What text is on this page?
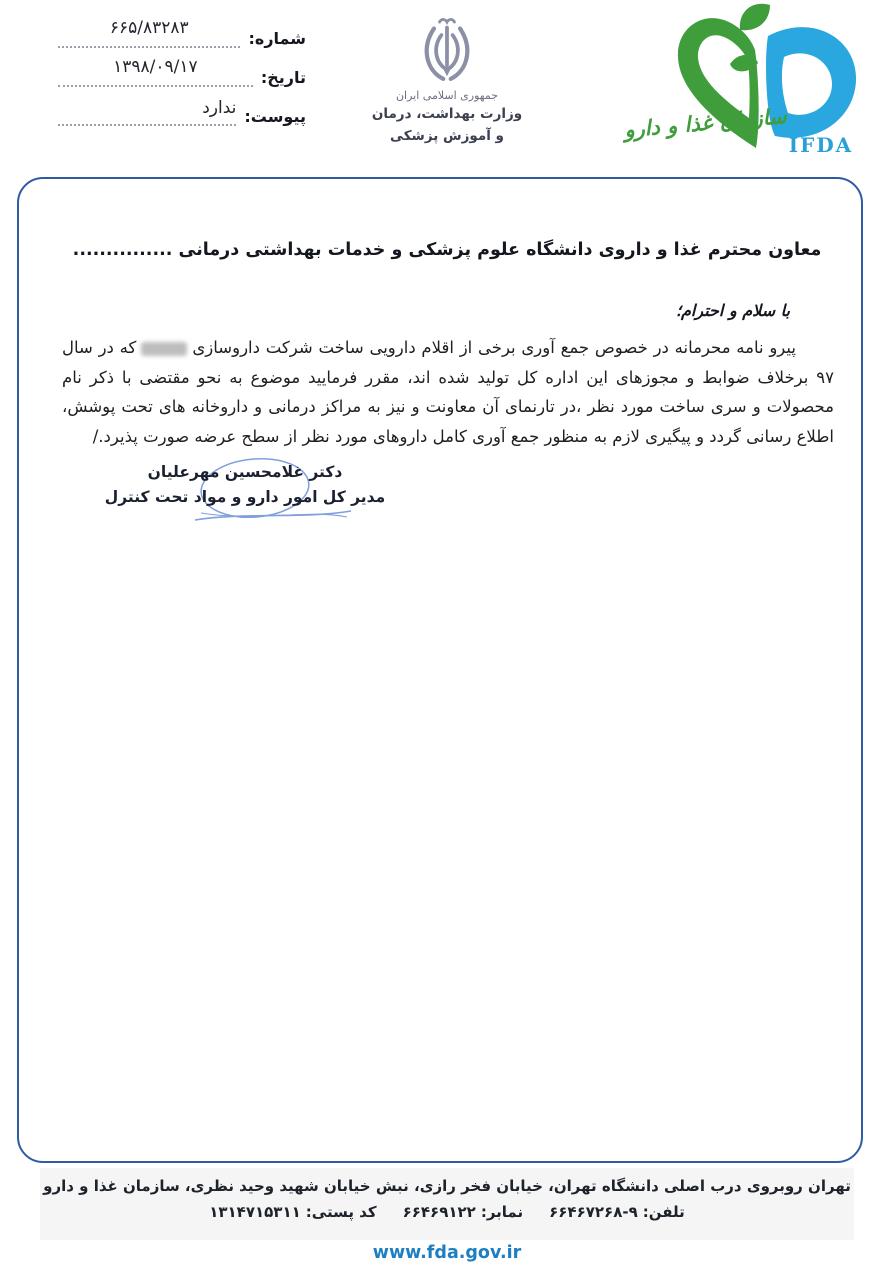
شماره:
۶۶۵/۸۳۲۸۳
تاریخ:
۱۳۹۸/۰۹/۱۷
پیوست:
ندارد
جمهوری اسلامی ایران
وزارت بهداشت، درمان
و آموزش پزشکی	سازمان غذا و دارو
IFDA
معاون محترم غذا و داروی دانشگاه علوم پزشکی و خدمات بهداشتی درمانی ...............
با سلام و احترام؛
پیرو نامه محرمانه در خصوص جمع آوری برخی از اقلام دارویی ساخت شرکت داروسازیکه در سال ۹۷ برخلاف ضوابط و مجوزهای این اداره کل تولید شده اند، مقرر فرمایید موضوع به نحو مقتضی با ذکر نام محصولات و سری ساخت مورد نظر ،در تارنمای آن معاونت و نیز به مراکز درمانی و داروخانه های تحت پوشش، اطلاع رسانی گردد و پیگیری لازم به منظور جمع آوری کامل داروهای مورد نظر از سطح عرضه صورت پذیرد./
دکتر غلامحسین مهرعلیان
مدیر کل امور دارو و مواد تحت کنترل
تهران روبروی درب اصلی دانشگاه تهران، خیابان فخر رازی، نبش خیابان شهید وحید نظری، سازمان غذا و دارو
تلفن:
۶۶۴۶۷۲۶۸-۹
نمابر:
۶۶۴۶۹۱۲۲
کد پستی:
۱۳۱۴۷۱۵۳۱۱
www.fda.gov.ir
